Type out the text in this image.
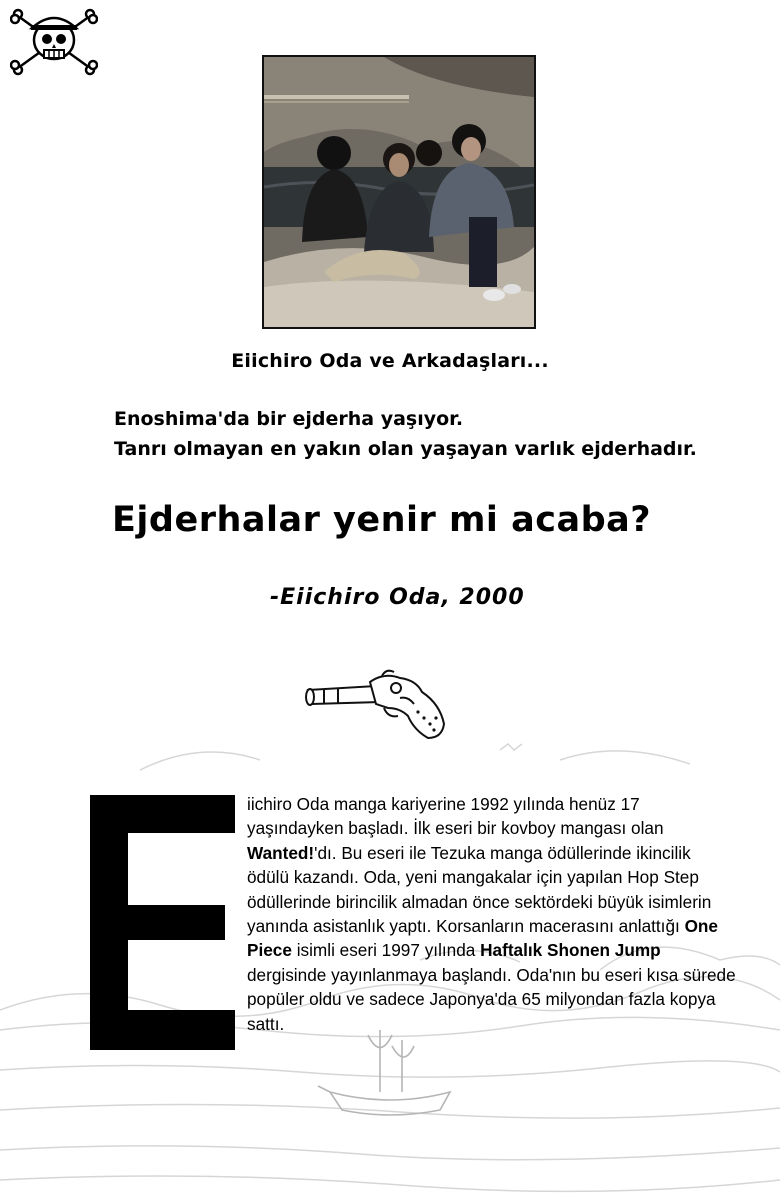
Eiichiro Oda ve Arkadaşları...
Enoshima'da bir ejderha yaşıyor.
Tanrı olmayan en yakın olan yaşayan varlık ejderhadır.
Ejderhalar yenir mi acaba?
-Eiichiro Oda, 2000
iichiro Oda manga kariyerine 1992 yılında henüz 17 yaşındayken başladı. İlk eseri bir kovboy mangası olan Wanted!'dı. Bu eseri ile Tezuka manga ödüllerinde ikincilik ödülü kazandı. Oda, yeni mangakalar için yapılan Hop Step ödüllerinde birincilik almadan önce sektördeki büyük isimlerin yanında asistanlık yaptı. Korsanların macerasını anlattığı One Piece isimli eseri 1997 yılında Haftalık Shonen Jump dergisinde yayınlanmaya başlandı. Oda'nın bu eseri kısa sürede popüler oldu ve sadece Japonya'da 65 milyondan fazla kopya sattı.
